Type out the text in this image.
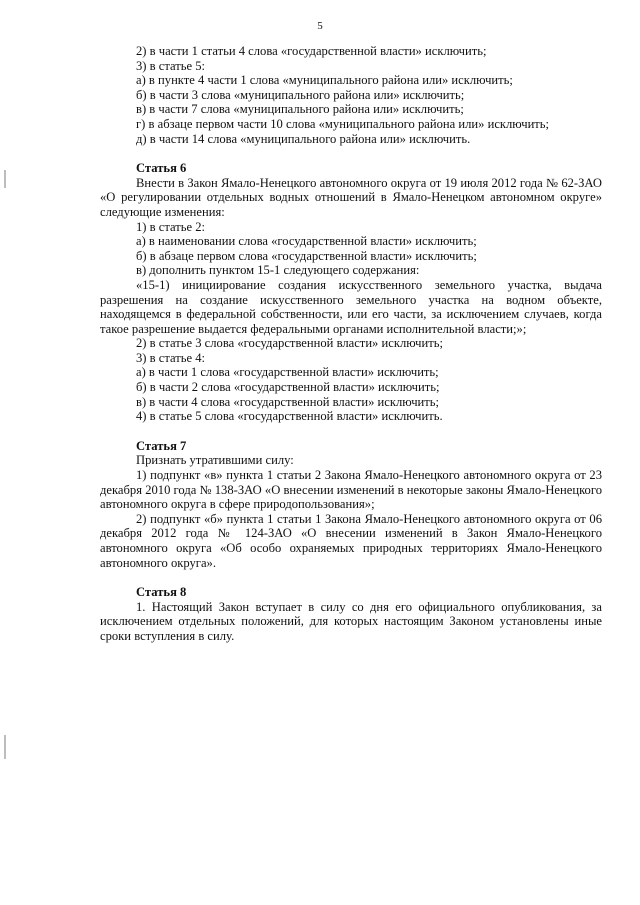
5

2) в части 1 статьи 4 слова «государственной власти» исключить;

3) в статье 5:

а) в пункте 4 части 1 слова «муниципального района или» исключить;

б) в части 3 слова «муниципального района или» исключить;

в) в части 7 слова «муниципального района или» исключить;

г) в абзаце первом части 10 слова «муниципального района или» исключить;

д) в части 14 слова «муниципального района или» исключить.

Статья 6

Внести в Закон Ямало-Ненецкого автономного округа от 19 июля 2012 года № 62-ЗАО «О регулировании отдельных водных отношений в Ямало-Ненецком автономном округе» следующие изменения:

1) в статье 2:

а) в наименовании слова «государственной власти» исключить;

б) в абзаце первом слова «государственной власти» исключить;

в) дополнить пунктом 15-1 следующего содержания:

«15-1) инициирование создания искусственного земельного участка, выдача разрешения на создание искусственного земельного участка на водном объекте, находящемся в федеральной собственности, или его части, за исключением случаев, когда такое разрешение выдается федеральными органами исполнительной власти;»;

2) в статье 3 слова «государственной власти» исключить;

3) в статье 4:

а) в части 1 слова «государственной власти» исключить;

б) в части 2 слова «государственной власти» исключить;

в) в части 4 слова «государственной власти» исключить;

4) в статье 5 слова «государственной власти» исключить.

Статья 7

Признать утратившими силу:

1) подпункт «в» пункта 1 статьи 2 Закона Ямало-Ненецкого автономного округа от 23 декабря 2010 года № 138-ЗАО «О внесении изменений в некоторые законы Ямало-Ненецкого автономного округа в сфере природопользования»;

2) подпункт «б» пункта 1 статьи 1 Закона Ямало-Ненецкого автономного округа от 06 декабря 2012 года № 124-ЗАО «О внесении изменений в Закон Ямало-Ненецкого автономного округа «Об особо охраняемых природных территориях Ямало-Ненецкого автономного округа».

Статья 8

1. Настоящий Закон вступает в силу со дня его официального опубликования, за исключением отдельных положений, для которых настоящим Законом установлены иные сроки вступления в силу.
